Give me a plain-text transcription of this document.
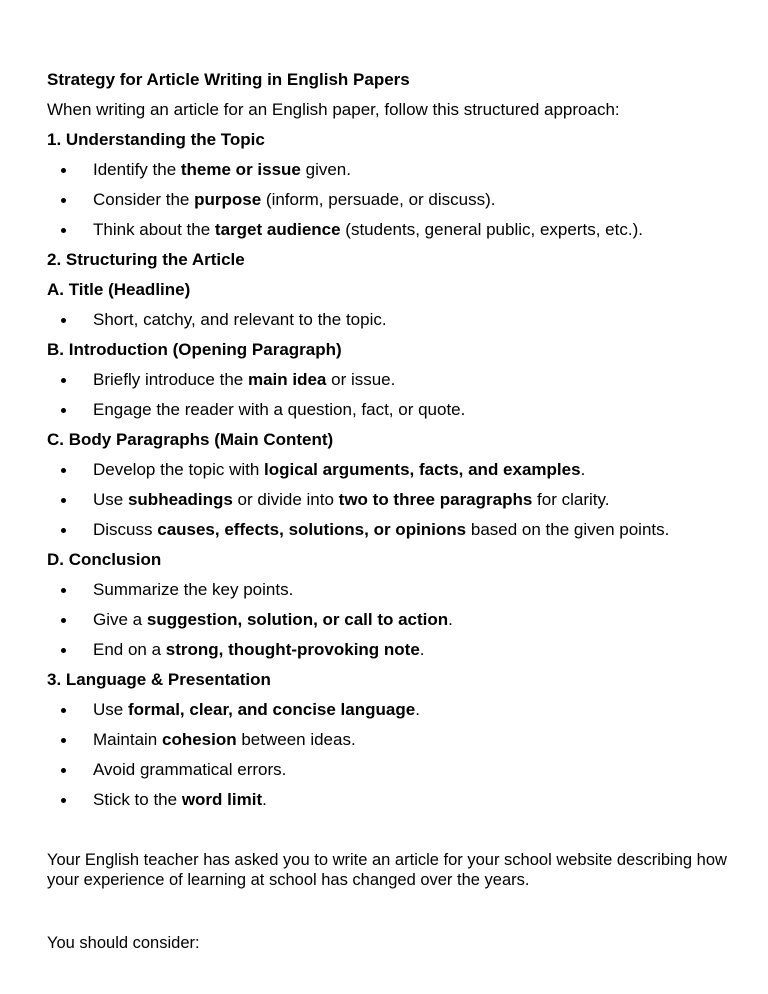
Strategy for Article Writing in English Papers
When writing an article for an English paper, follow this structured approach:
1. Understanding the Topic
Identify the theme or issue given.
Consider the purpose (inform, persuade, or discuss).
Think about the target audience (students, general public, experts, etc.).
2. Structuring the Article
A. Title (Headline)
Short, catchy, and relevant to the topic.
B. Introduction (Opening Paragraph)
Briefly introduce the main idea or issue.
Engage the reader with a question, fact, or quote.
C. Body Paragraphs (Main Content)
Develop the topic with logical arguments, facts, and examples.
Use subheadings or divide into two to three paragraphs for clarity.
Discuss causes, effects, solutions, or opinions based on the given points.
D. Conclusion
Summarize the key points.
Give a suggestion, solution, or call to action.
End on a strong, thought-provoking note.
3. Language & Presentation
Use formal, clear, and concise language.
Maintain cohesion between ideas.
Avoid grammatical errors.
Stick to the word limit.
Your English teacher has asked you to write an article for your school website describing how your experience of learning at school has changed over the years.
You should consider:
